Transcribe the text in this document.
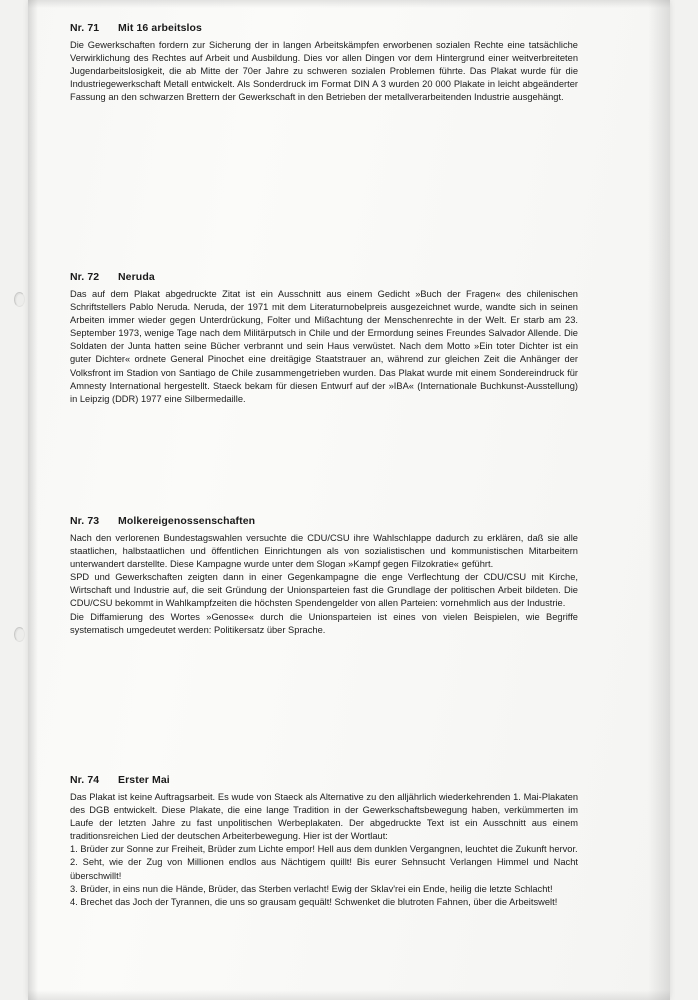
Nr. 71	Mit 16 arbeitslos

Die Gewerkschaften fordern zur Sicherung der in langen Arbeitskämpfen erworbenen sozialen Rechte eine tatsächliche Verwirklichung des Rechtes auf Arbeit und Ausbildung. Dies vor allen Dingen vor dem Hintergrund einer weitverbreiteten Jugendarbeitslosigkeit, die ab Mitte der 70er Jahre zu schweren sozialen Problemen führte. Das Plakat wurde für die Industriegewerkschaft Metall entwickelt. Als Sonderdruck im Format DIN A 3 wurden 20 000 Plakate in leicht abgeänderter Fassung an den schwarzen Brettern der Gewerkschaft in den Betrieben der metallverarbeitenden Industrie ausgehängt.

Nr. 72	Neruda

Das auf dem Plakat abgedruckte Zitat ist ein Ausschnitt aus einem Gedicht »Buch der Fragen« des chilenischen Schriftstellers Pablo Neruda. Neruda, der 1971 mit dem Literaturnobelpreis ausgezeichnet wurde, wandte sich in seinen Arbeiten immer wieder gegen Unterdrückung, Folter und Mißachtung der Menschenrechte in der Welt. Er starb am 23. September 1973, wenige Tage nach dem Militärputsch in Chile und der Ermordung seines Freundes Salvador Allende. Die Soldaten der Junta hatten seine Bücher verbrannt und sein Haus verwüstet. Nach dem Motto »Ein toter Dichter ist ein guter Dichter« ordnete General Pinochet eine dreitägige Staatstrauer an, während zur gleichen Zeit die Anhänger der Volksfront im Stadion von Santiago de Chile zusammengetrieben wurden. Das Plakat wurde mit einem Sondereindruck für Amnesty International hergestellt. Staeck bekam für diesen Entwurf auf der »IBA« (Internationale Buchkunst-Ausstellung) in Leipzig (DDR) 1977 eine Silbermedaille.

Nr. 73	Molkereigenossenschaften

Nach den verlorenen Bundestagswahlen versuchte die CDU/CSU ihre Wahlschlappe dadurch zu erklären, daß sie alle staatlichen, halbstaatlichen und öffentlichen Einrichtungen als von sozialistischen und kommunistischen Mitarbeitern unterwandert darstellte. Diese Kampagne wurde unter dem Slogan »Kampf gegen Filzokratie« geführt.

SPD und Gewerkschaften zeigten dann in einer Gegenkampagne die enge Verflechtung der CDU/CSU mit Kirche, Wirtschaft und Industrie auf, die seit Gründung der Unionsparteien fast die Grundlage der politischen Arbeit bildeten. Die CDU/CSU bekommt in Wahlkampfzeiten die höchsten Spendengelder von allen Parteien: vornehmlich aus der Industrie.

Die Diffamierung des Wortes »Genosse« durch die Unionsparteien ist eines von vielen Beispielen, wie Begriffe systematisch umgedeutet werden: Politikersatz über Sprache.

Nr. 74	Erster Mai

Das Plakat ist keine Auftragsarbeit. Es wude von Staeck als Alternative zu den alljährlich wiederkehrenden 1. Mai-Plakaten des DGB entwickelt. Diese Plakate, die eine lange Tradition in der Gewerkschaftsbewegung haben, verkümmerten im Laufe der letzten Jahre zu fast unpolitischen Werbeplakaten. Der abgedruckte Text ist ein Ausschnitt aus einem traditionsreichen Lied der deutschen Arbeiterbewegung. Hier ist der Wortlaut:

1. Brüder zur Sonne zur Freiheit, Brüder zum Lichte empor! Hell aus dem dunklen Vergangnen, leuchtet die Zukunft hervor.

2. Seht, wie der Zug von Millionen endlos aus Nächtigem quillt! Bis eurer Sehnsucht Verlangen Himmel und Nacht überschwillt!

3. Brüder, in eins nun die Hände, Brüder, das Sterben verlacht! Ewig der Sklav'rei ein Ende, heilig die letzte Schlacht!

4. Brechet das Joch der Tyrannen, die uns so grausam gequält! Schwenket die blutroten Fahnen, über die Arbeitswelt!
